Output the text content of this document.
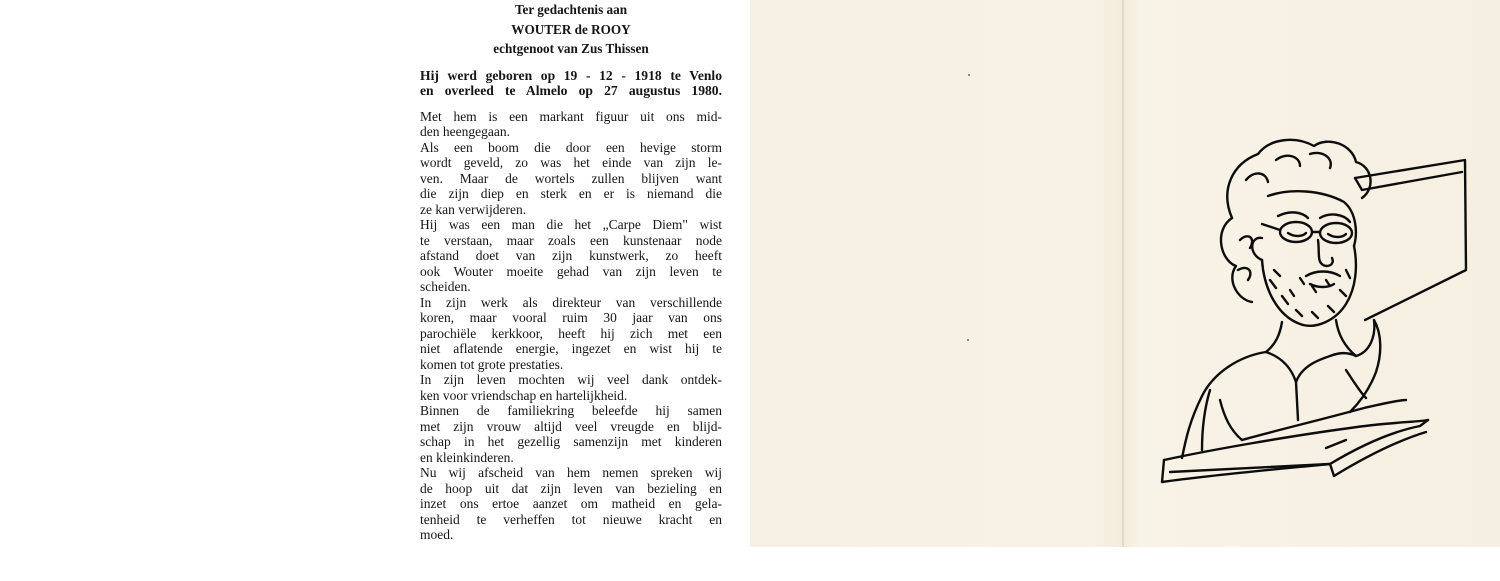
Ter gedachtenis aan
WOUTER de ROOY
echtgenoot van Zus Thissen
Hij werd geboren op 19 - 12 - 1918 te Venlo
en overleed te Almelo op 27 augustus 1980.
Met hem is een markant figuur uit ons mid-
den heengegaan.
Als een boom die door een hevige storm
wordt geveld, zo was het einde van zijn le-
ven. Maar de wortels zullen blijven want
die zijn diep en sterk en er is niemand die
ze kan verwijderen.
Hij was een man die het „Carpe Diem" wist
te verstaan, maar zoals een kunstenaar node
afstand doet van zijn kunstwerk, zo heeft
ook Wouter moeite gehad van zijn leven te
scheiden.
In zijn werk als direkteur van verschillende
koren, maar vooral ruim 30 jaar van ons
parochiële kerkkoor, heeft hij zich met een
niet aflatende energie, ingezet en wist hij te
komen tot grote prestaties.
In zijn leven mochten wij veel dank ontdek-
ken voor vriendschap en hartelijkheid.
Binnen de familiekring beleefde hij samen
met zijn vrouw altijd veel vreugde en blijd-
schap in het gezellig samenzijn met kinderen
en kleinkinderen.
Nu wij afscheid van hem nemen spreken wij
de hoop uit dat zijn leven van bezieling en
inzet ons ertoe aanzet om matheid en gela-
tenheid te verheffen tot nieuwe kracht en
moed.
